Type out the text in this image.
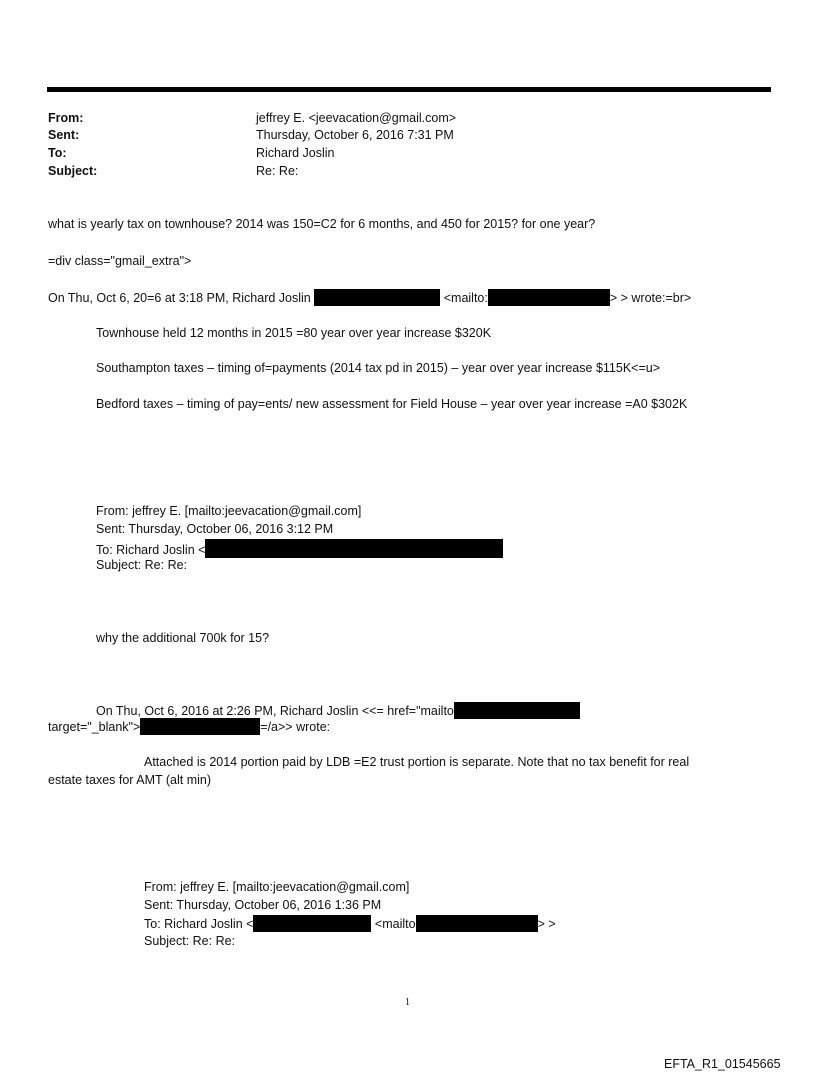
From:	jeffrey E. <jeevacation@gmail.com>
Sent:	Thursday, October 6, 2016 7:31 PM
To:	Richard Joslin
Subject:	Re: Re:
what is yearly tax on townhouse? 2014 was 150=C2 for 6 months, and 450 for 2015? for one year?
=div class="gmail_extra">
On Thu, Oct 6, 20=6 at 3:18 PM, Richard Joslin	<mailto:	> > wrote:=br>
Townhouse held 12 months in 2015 =80 year over year increase $320K
Southampton taxes – timing of=payments (2014 tax pd in 2015) – year over year increase $115K<=u>
Bedford taxes – timing of pay=ents/ new assessment for Field House – year over year increase =A0 $302K
From: jeffrey E. [mailto:jeevacation@gmail.com]
Sent: Thursday, October 06, 2016 3:12 PM
To: Richard Joslin <
Subject: Re: Re:
why the additional 700k for 15?
On Thu, Oct 6, 2016 at 2:26 PM, Richard Joslin <<= href="mailto
target="_blank">	=/a>> wrote:
Attached is 2014 portion paid by LDB =E2 trust portion is separate. Note that no tax benefit for real
estate taxes for AMT (alt min)
From: jeffrey E. [mailto:jeevacation@gmail.com]
Sent: Thursday, October 06, 2016 1:36 PM
To: Richard Joslin <	<mailto	> >
Subject: Re: Re:
1
EFTA_R1_01545665
